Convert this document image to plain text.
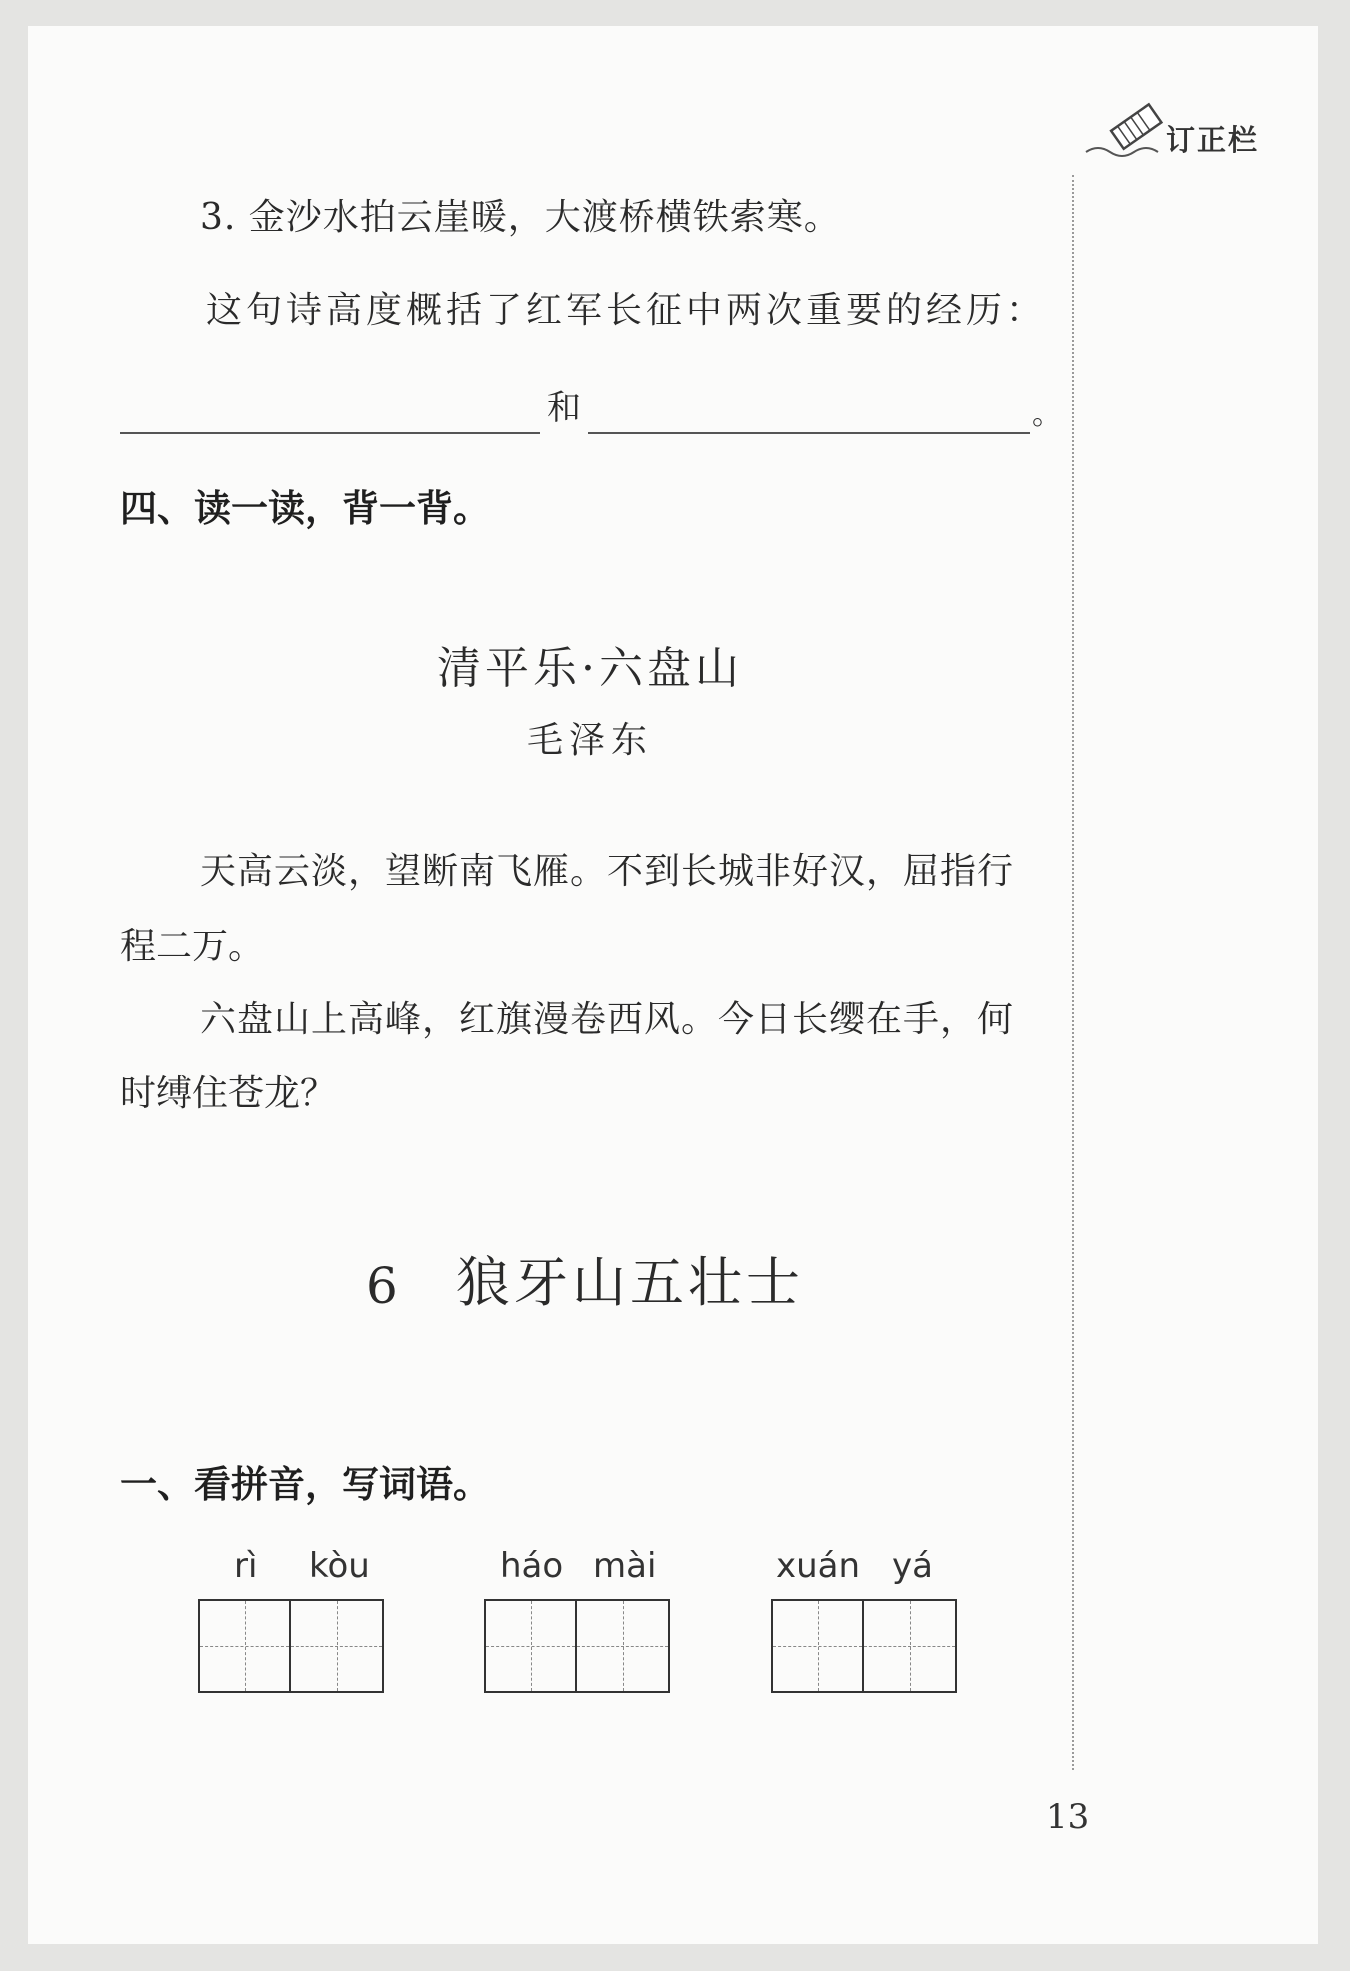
订正栏
3. 金沙水拍云崖暖，大渡桥横铁索寒。
这句诗高度概括了红军长征中两次重要的经历：
和	。
四、读一读，背一背。
清平乐·六盘山
毛泽东
天高云淡，望断南飞雁。不到长城非好汉，屈指行
程二万。
六盘山上高峰，红旗漫卷西风。今日长缨在手，何
时缚住苍龙？
6 狼牙山五壮士
一、看拼音，写词语。
rì kòu	háo mài	xuán yá
13
